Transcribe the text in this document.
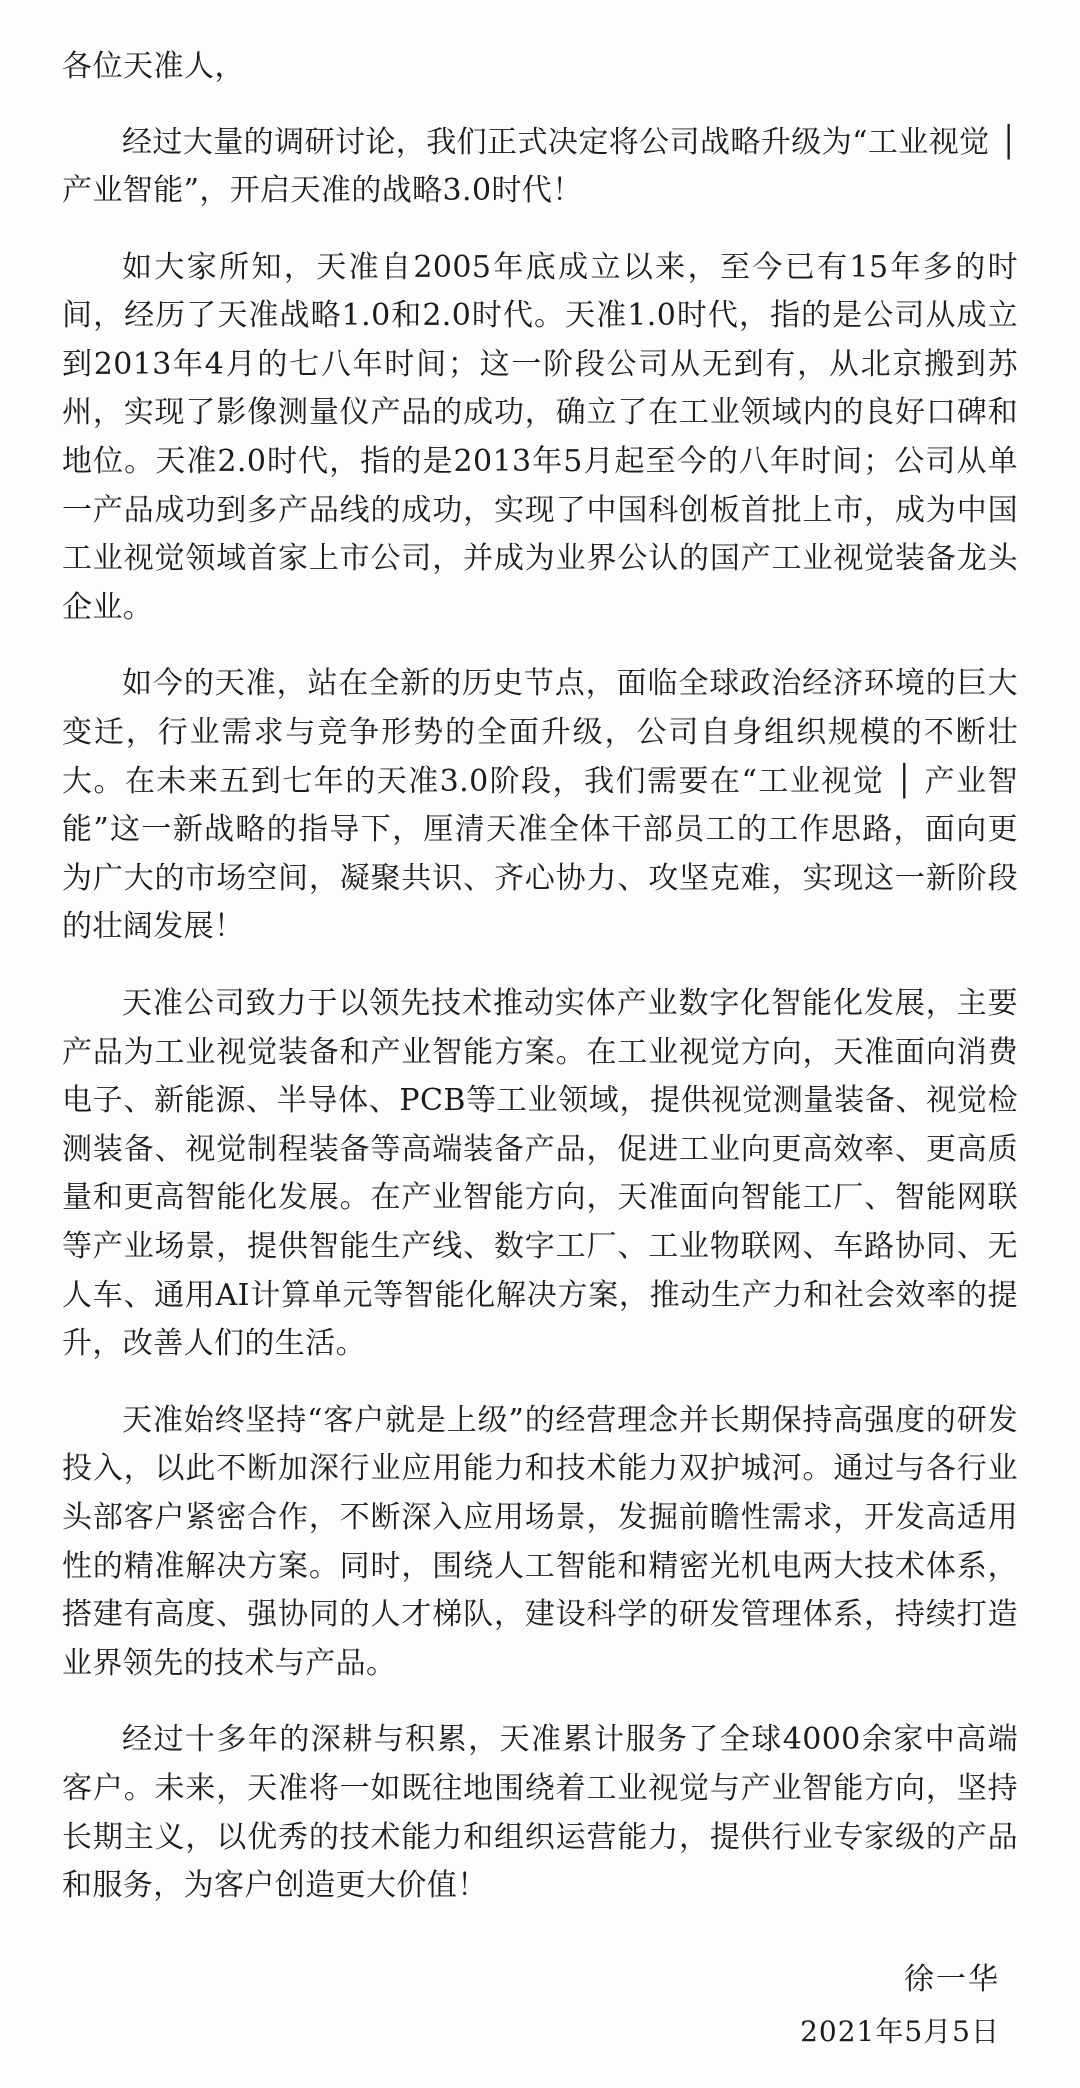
各位天准人，

经过大量的调研讨论，我们正式决定将公司战略升级为“工业视觉 │ 产业智能”，开启天准的战略3.0时代！

如大家所知，天准自2005年底成立以来，至今已有15年多的时间，经历了天准战略1.0和2.0时代。天准1.0时代，指的是公司从成立到2013年4月的七八年时间；这一阶段公司从无到有，从北京搬到苏州，实现了影像测量仪产品的成功，确立了在工业领域内的良好口碑和地位。天准2.0时代，指的是2013年5月起至今的八年时间；公司从单一产品成功到多产品线的成功，实现了中国科创板首批上市，成为中国工业视觉领域首家上市公司，并成为业界公认的国产工业视觉装备龙头企业。

如今的天准，站在全新的历史节点，面临全球政治经济环境的巨大变迁，行业需求与竞争形势的全面升级，公司自身组织规模的不断壮大。在未来五到七年的天准3.0阶段，我们需要在“工业视觉 │ 产业智能”这一新战略的指导下，厘清天准全体干部员工的工作思路，面向更为广大的市场空间，凝聚共识、齐心协力、攻坚克难，实现这一新阶段的壮阔发展！

天准公司致力于以领先技术推动实体产业数字化智能化发展，主要产品为工业视觉装备和产业智能方案。在工业视觉方向，天准面向消费电子、新能源、半导体、PCB等工业领域，提供视觉测量装备、视觉检测装备、视觉制程装备等高端装备产品，促进工业向更高效率、更高质量和更高智能化发展。在产业智能方向，天准面向智能工厂、智能网联等产业场景，提供智能生产线、数字工厂、工业物联网、车路协同、无人车、通用AI计算单元等智能化解决方案，推动生产力和社会效率的提升，改善人们的生活。

天准始终坚持“客户就是上级”的经营理念并长期保持高强度的研发投入，以此不断加深行业应用能力和技术能力双护城河。通过与各行业头部客户紧密合作，不断深入应用场景，发掘前瞻性需求，开发高适用性的精准解决方案。同时，围绕人工智能和精密光机电两大技术体系，搭建有高度、强协同的人才梯队，建设科学的研发管理体系，持续打造业界领先的技术与产品。

经过十多年的深耕与积累，天准累计服务了全球4000余家中高端客户。未来，天准将一如既往地围绕着工业视觉与产业智能方向，坚持长期主义，以优秀的技术能力和组织运营能力，提供行业专家级的产品和服务，为客户创造更大价值！

徐一华
2021年5月5日
